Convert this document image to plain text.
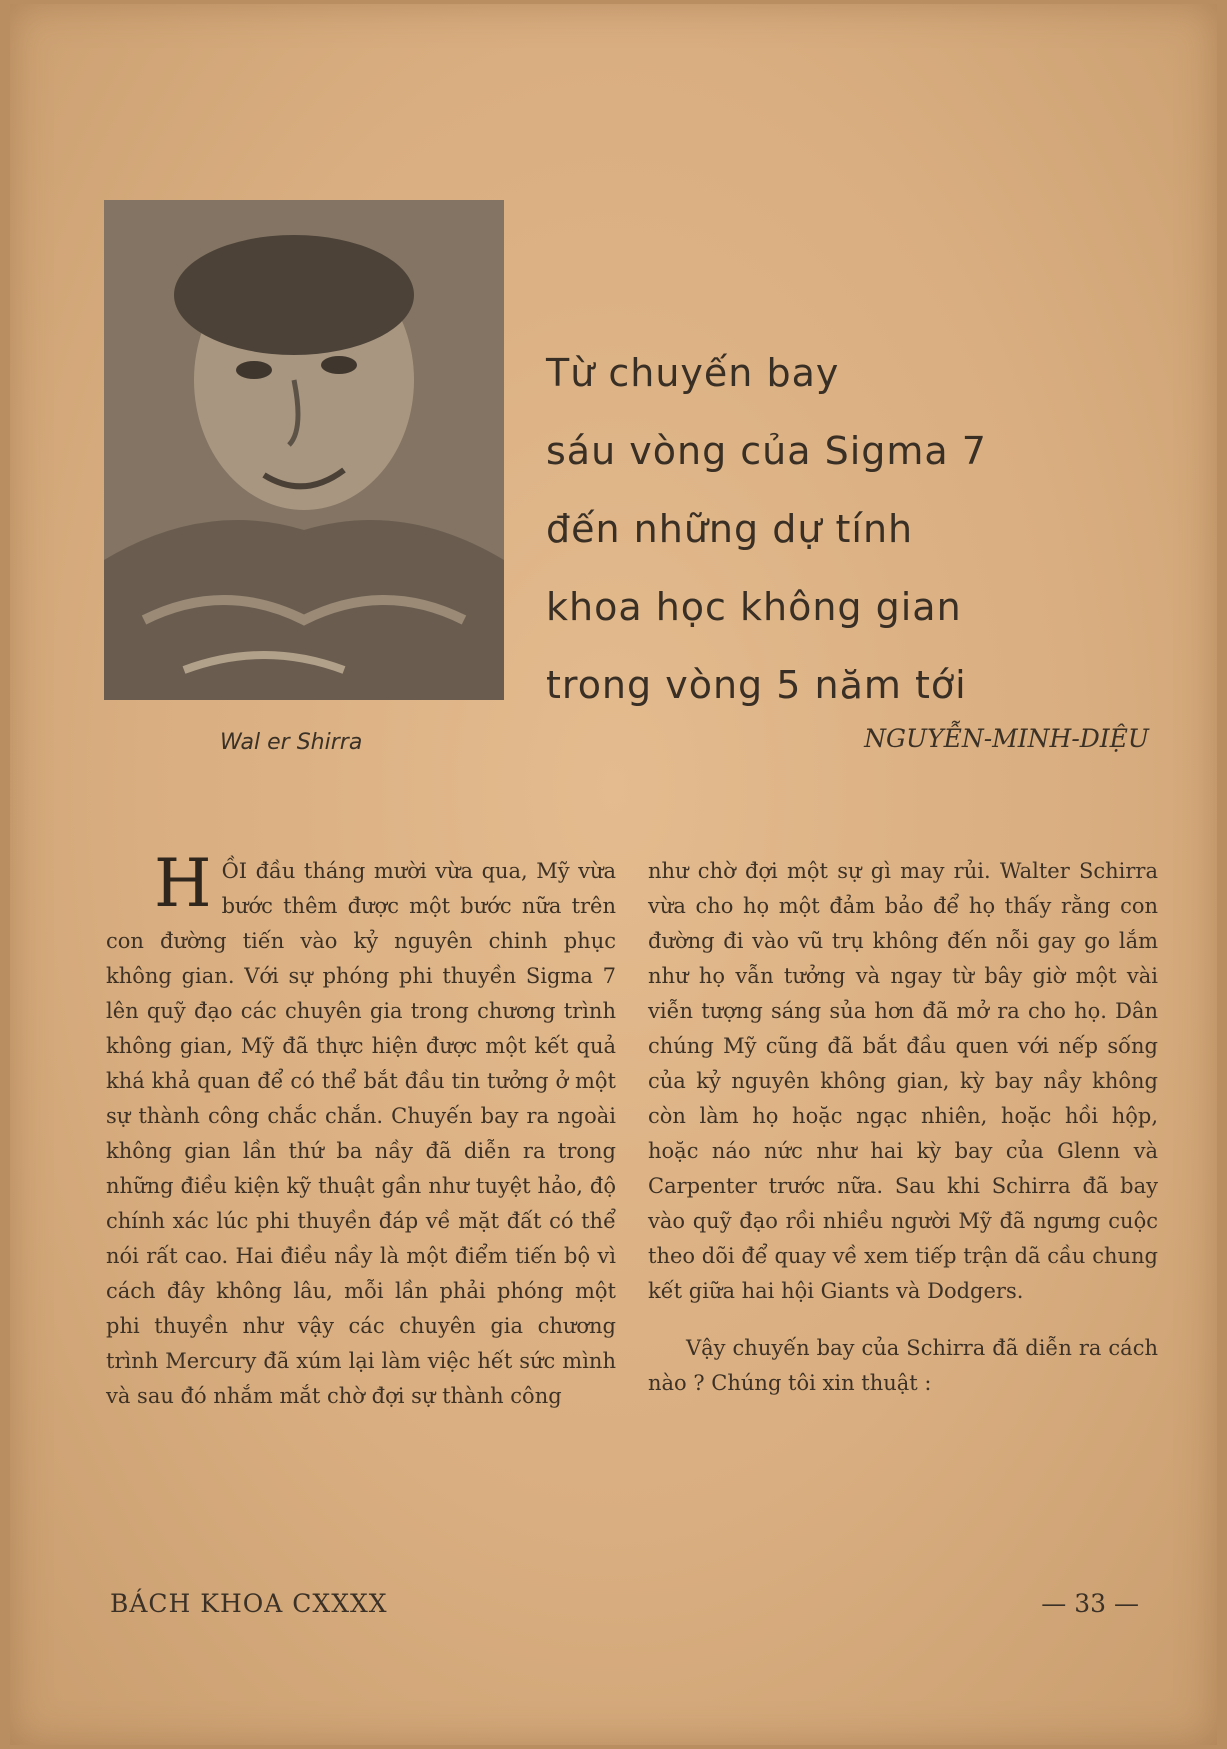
Wal er Shirra
Từ chuyến bay
sáu vòng của Sigma 7
đến những dự tính
khoa học không gian
trong vòng 5 năm tới
NGUYỄN-MINH-DIỆU

HỒI đầu tháng mười vừa qua, Mỹ vừa bước thêm được một bước nữa trên con đường tiến vào kỷ nguyên chinh phục không gian. Với sự phóng phi thuyền Sigma 7 lên quỹ đạo các chuyên gia trong chương trình không gian, Mỹ đã thực hiện được một kết quả khá khả quan để có thể bắt đầu tin tưởng ở một sự thành công chắc chắn. Chuyến bay ra ngoài không gian lần thứ ba nầy đã diễn ra trong những điều kiện kỹ thuật gần như tuyệt hảo, độ chính xác lúc phi thuyền đáp về mặt đất có thể nói rất cao. Hai điều nầy là một điểm tiến bộ vì cách đây không lâu, mỗi lần phải phóng một phi thuyền như vậy các chuyên gia chương trình Mercury đã xúm lại làm việc hết sức mình và sau đó nhắm mắt chờ đợi sự thành công

như chờ đợi một sự gì may rủi. Walter Schirra vừa cho họ một đảm bảo để họ thấy rằng con đường đi vào vũ trụ không đến nỗi gay go lắm như họ vẫn tưởng và ngay từ bây giờ một vài viễn tượng sáng sủa hơn đã mở ra cho họ. Dân chúng Mỹ cũng đã bắt đầu quen với nếp sống của kỷ nguyên không gian, kỳ bay nầy không còn làm họ hoặc ngạc nhiên, hoặc hồi hộp, hoặc náo nức như hai kỳ bay của Glenn và Carpenter trước nữa. Sau khi Schirra đã bay vào quỹ đạo rồi nhiều người Mỹ đã ngưng cuộc theo dõi để quay về xem tiếp trận dã cầu chung kết giữa hai hội Giants và Dodgers.

Vậy chuyến bay của Schirra đã diễn ra cách nào ? Chúng tôi xin thuật :

BÁCH KHOA CXXXX	— 33 —
